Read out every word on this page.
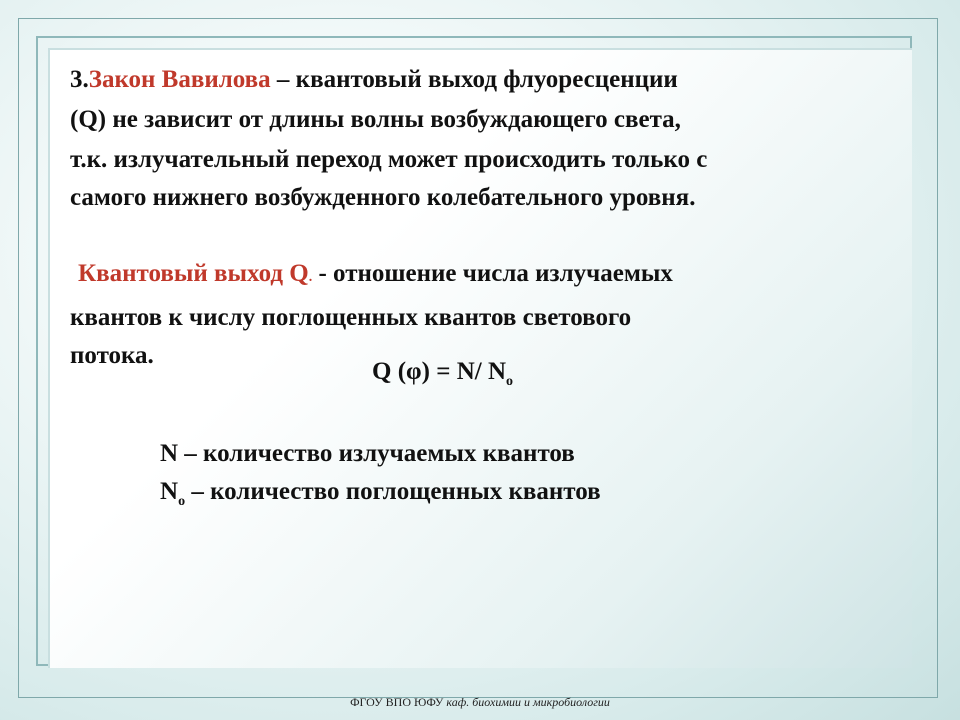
3.Закон Вавилова – квантовый выход флуоресценции
(Q) не зависит от длины волны возбуждающего света,
т.к. излучательный переход может происходить только с
самого нижнего возбужденного колебательного уровня.
Квантовый выход Q. - отношение числа излучаемых
квантов к числу поглощенных квантов светового
потока.
Q (φ) = N/ $N_o$
N – количество излучаемых квантов
$N_o$ – количество поглощенных квантов
ФГОУ ВПО ЮФУ каф. биохимии и микробиологии
